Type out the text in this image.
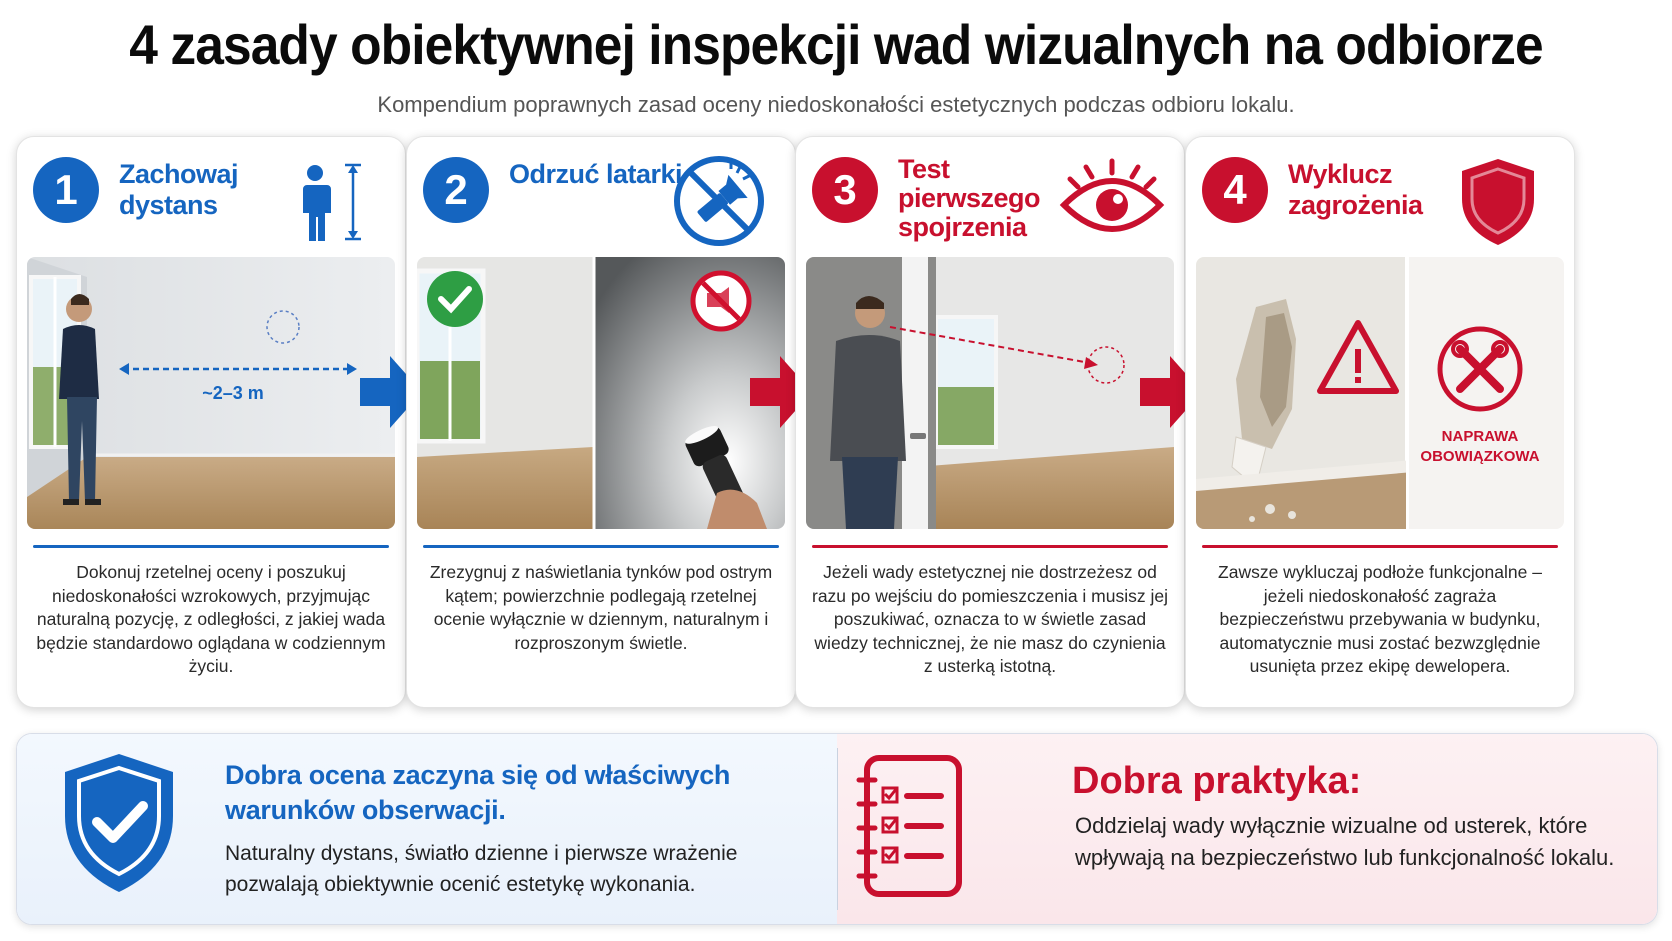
4 zasady obiektywnej inspekcji wad wizualnych na odbiorze
Kompendium poprawnych zasad oceny niedoskonałości estetycznych podczas odbioru lokalu.
1	Zachowaj dystans
~2–3 m
Dokonuj rzetelnej oceny i poszukuj niedoskonałości wzrokowych, przyjmując naturalną pozycję, z odległości, z jakiej wada będzie standardowo oglądana w codziennym życiu.
2	Odrzuć latarki
Zrezygnuj z naświetlania tynków pod ostrym kątem; powierzchnie podlegają rzetelnej ocenie wyłącznie w dziennym, naturalnym i rozproszonym świetle.
3	Test pierwszego spojrzenia
Jeżeli wady estetycznej nie dostrzeżesz od razu po wejściu do pomieszczenia i musisz jej poszukiwać, oznacza to w świetle zasad wiedzy technicznej, że nie masz do czynienia z usterką istotną.
4	Wyklucz zagrożenia
NAPRAWA
OBOWIĄZKOWA
Zawsze wykluczaj podłoże funkcjonalne – jeżeli niedoskonałość zagraża bezpieczeństwu przebywania w budynku, automatycznie musi zostać bezwzględnie usunięta przez ekipę dewelopera.
Dobra ocena zaczyna się od właściwych warunków obserwacji.
Naturalny dystans, światło dzienne i pierwsze wrażenie pozwalają obiektywnie ocenić estetykę wykonania.
Dobra praktyka:
Oddzielaj wady wyłącznie wizualne od usterek, które wpływają na bezpieczeństwo lub funkcjonalność lokalu.
